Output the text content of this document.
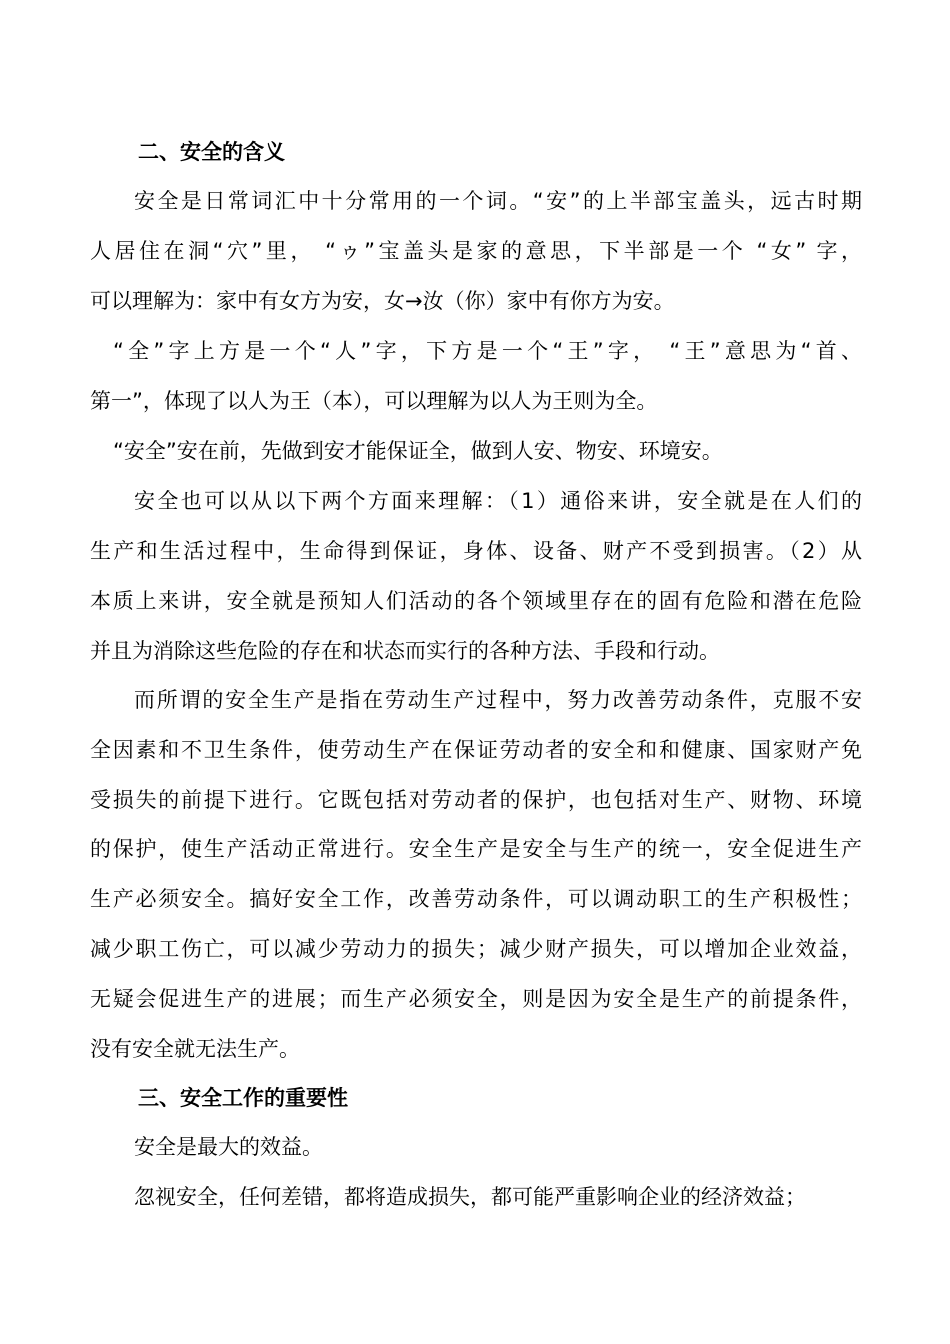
二、安全的含义
安全是日常词汇中十分常用的一个词。“安”的上半部宝盖头，远古时期
人居住在洞“穴”里， “ゥ”宝盖头是家的意思，下半部是一个 “女” 字，
可以理解为：家中有女方为安，女→汝（你）家中有你方为安。
“全”字上方是一个“人”字，下方是一个“王”字， “王”意思为“首、
第一”，体现了以人为王（本），可以理解为以人为王则为全。
“安全”安在前，先做到安才能保证全，做到人安、物安、环境安。
安全也可以从以下两个方面来理解：（1）通俗来讲，安全就是在人们的
生产和生活过程中，生命得到保证，身体、设备、财产不受到损害。（2）从
本质上来讲，安全就是预知人们活动的各个领域里存在的固有危险和潜在危险
并且为消除这些危险的存在和状态而实行的各种方法、手段和行动。
而所谓的安全生产是指在劳动生产过程中，努力改善劳动条件，克服不安
全因素和不卫生条件，使劳动生产在保证劳动者的安全和和健康、国家财产免
受损失的前提下进行。它既包括对劳动者的保护，也包括对生产、财物、环境
的保护，使生产活动正常进行。安全生产是安全与生产的统一，安全促进生产
生产必须安全。搞好安全工作，改善劳动条件，可以调动职工的生产积极性；
减少职工伤亡，可以减少劳动力的损失；减少财产损失，可以增加企业效益，
无疑会促进生产的进展；而生产必须安全，则是因为安全是生产的前提条件，
没有安全就无法生产。
三、安全工作的重要性
安全是最大的效益。
忽视安全，任何差错，都将造成损失，都可能严重影响企业的经济效益；
